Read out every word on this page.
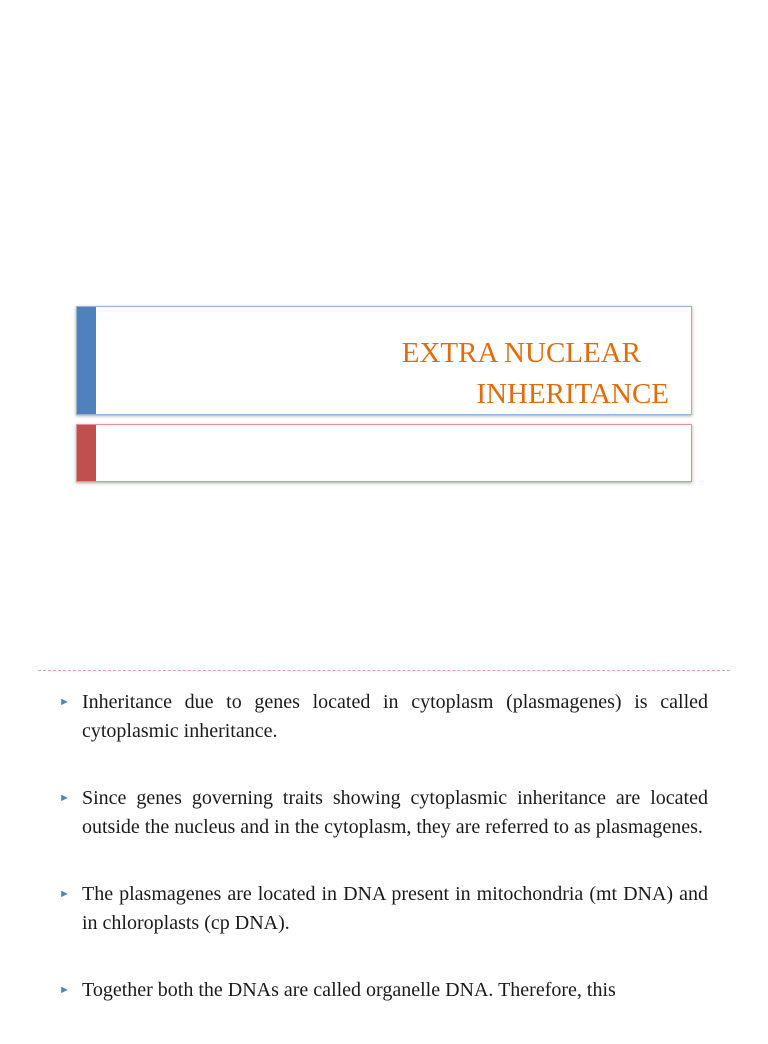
EXTRA NUCLEAR
INHERITANCE
► Inheritance due to genes located in cytoplasm (plasmagenes) is called cytoplasmic inheritance.
► Since genes governing traits showing cytoplasmic inheritance are located outside the nucleus and in the cytoplasm, they are referred to as plasmagenes.
► The plasmagenes are located in DNA present in mitochondria (mt DNA) and in chloroplasts (cp DNA).
► Together both the DNAs are called organelle DNA. Therefore, this
